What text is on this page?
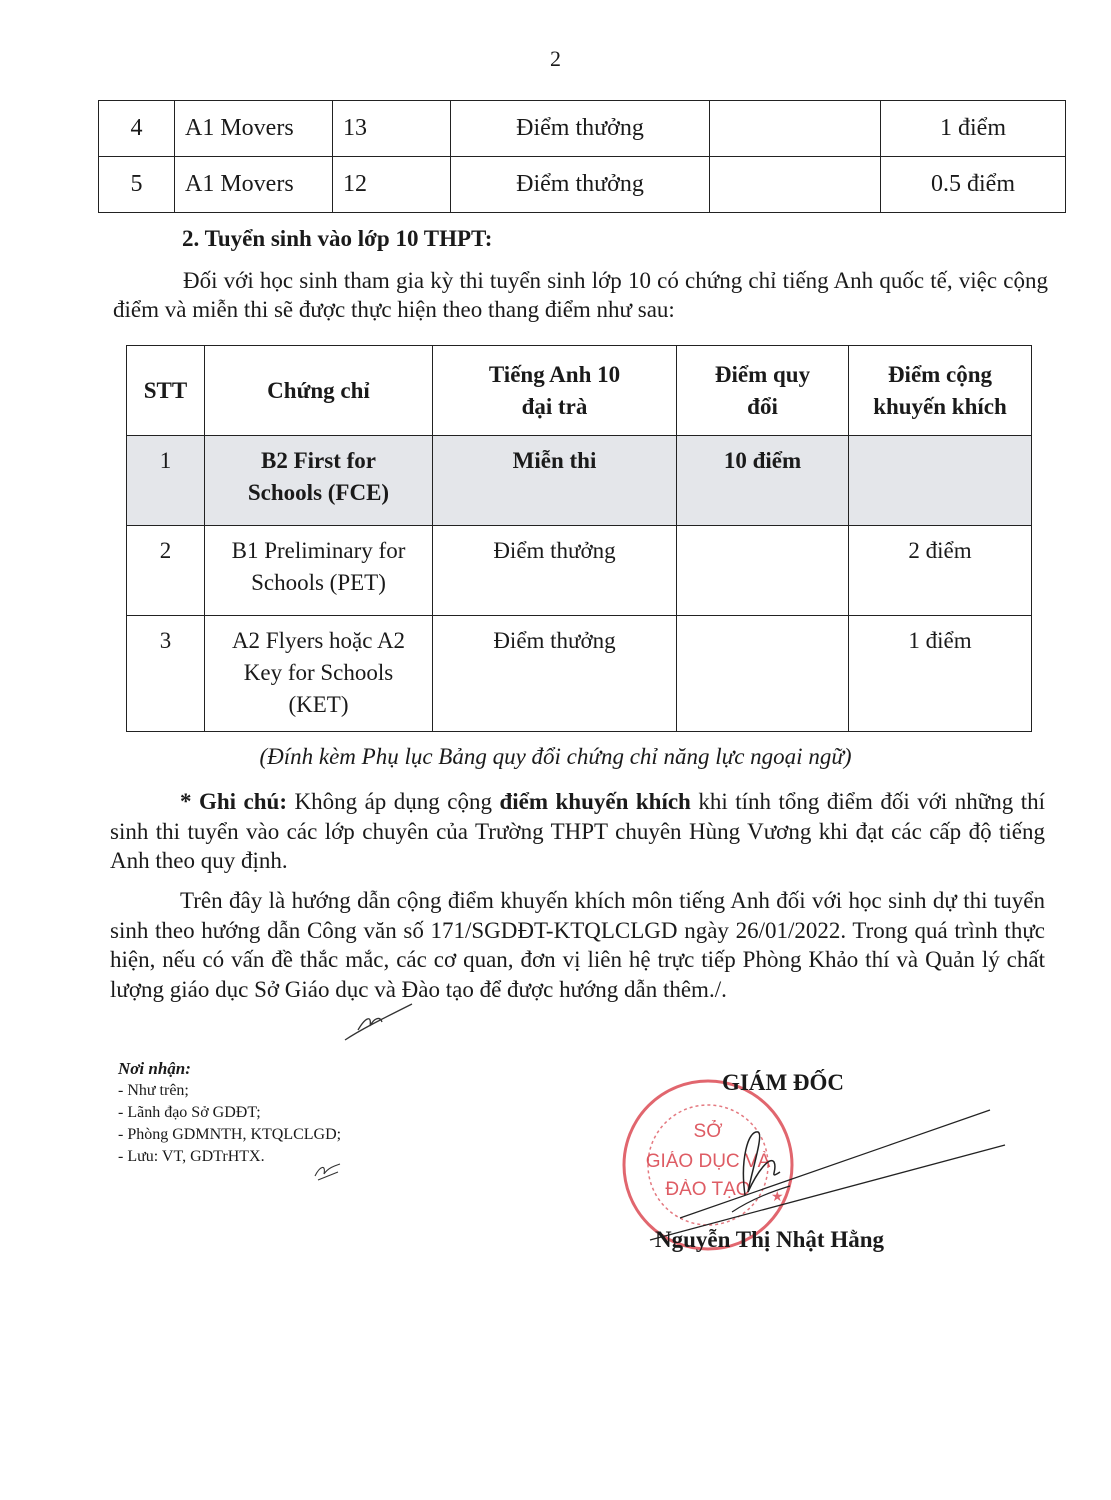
2
4	A1 Movers	13	Điểm thưởng		1 điểm
5	A1 Movers	12	Điểm thưởng		0.5 điểm
2. Tuyển sinh vào lớp 10 THPT:
Đối với học sinh tham gia kỳ thi tuyển sinh lớp 10 có chứng chỉ tiếng Anh quốc tế, việc cộng điểm và miễn thi sẽ được thực hiện theo thang điểm như sau:
STT	Chứng chỉ	Tiếng Anh 10 đại trà	Điểm quy đổi	Điểm cộng khuyến khích
1	B2 First for Schools (FCE)	Miễn thi	10 điểm	
2	B1 Preliminary for Schools (PET)	Điểm thưởng		2 điểm
3	A2 Flyers hoặc A2 Key for Schools (KET)	Điểm thưởng		1 điểm
(Đính kèm Phụ lục Bảng quy đổi chứng chỉ năng lực ngoại ngữ)
* Ghi chú: Không áp dụng cộng điểm khuyến khích khi tính tổng điểm đối với những thí sinh thi tuyển vào các lớp chuyên của Trường THPT chuyên Hùng Vương khi đạt các cấp độ tiếng Anh theo quy định.
Trên đây là hướng dẫn cộng điểm khuyến khích môn tiếng Anh đối với học sinh dự thi tuyển sinh theo hướng dẫn Công văn số 171/SGDĐT-KTQLCLGD ngày 26/01/2022. Trong quá trình thực hiện, nếu có vấn đề thắc mắc, các cơ quan, đơn vị liên hệ trực tiếp Phòng Khảo thí và Quản lý chất lượng giáo dục Sở Giáo dục và Đào tạo để được hướng dẫn thêm./.
Nơi nhận:
- Như trên;
- Lãnh đạo Sở GDĐT;
- Phòng GDMNTH, KTQLCLGD;
- Lưu: VT, GDTrHTX.
SỞ
GIÁO DỤC VÀ
ĐÀO TẠO ★
GIÁM ĐỐC
Nguyễn Thị Nhật Hằng
